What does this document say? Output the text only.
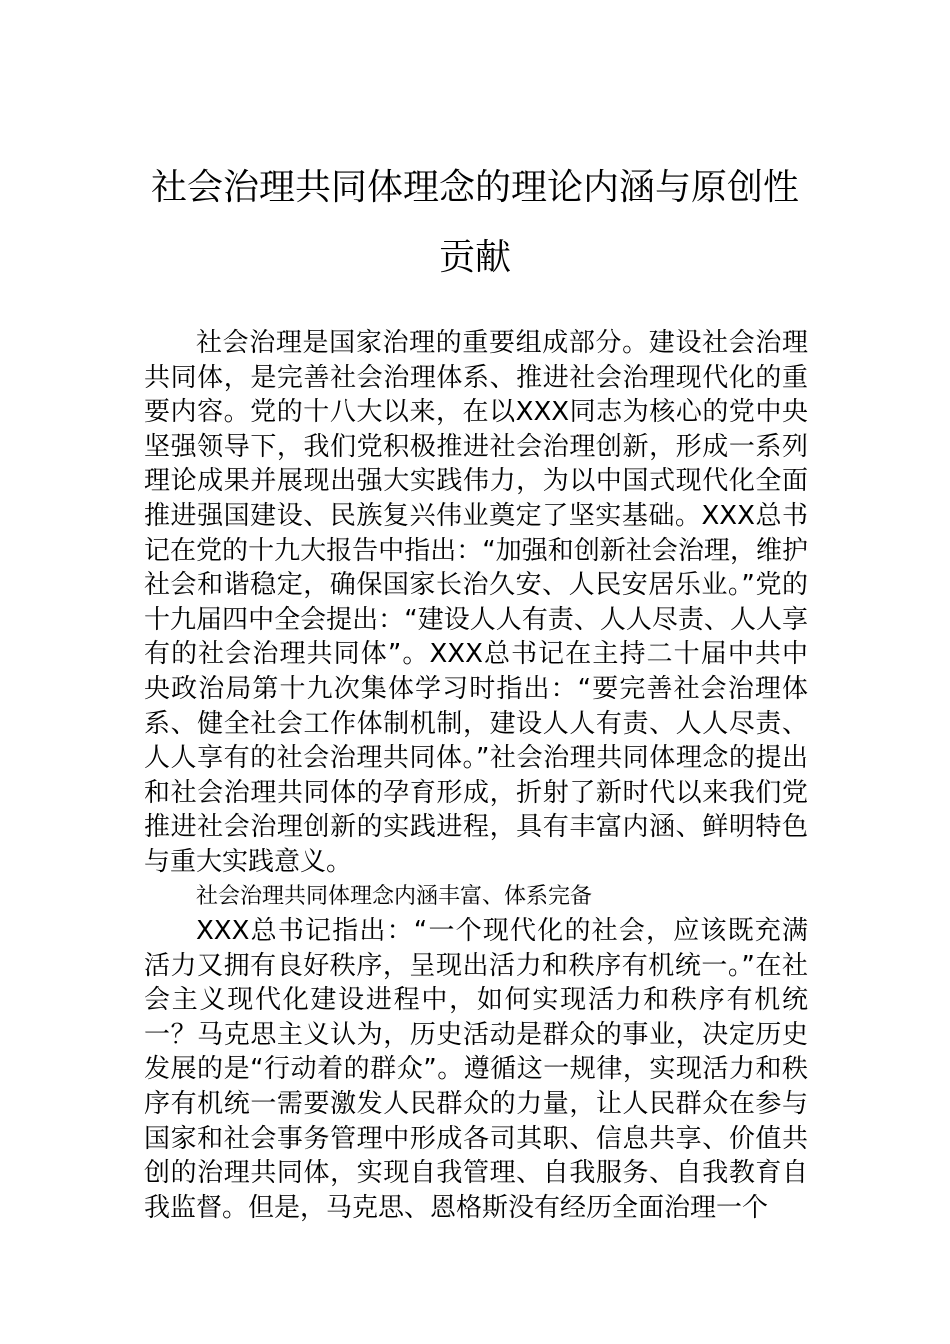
社会治理共同体理念的理论内涵与原创性
贡献

社会治理是国家治理的重要组成部分。建设社会治理共同体，是完善社会治理体系、推进社会治理现代化的重要内容。党的十八大以来，在以XXX同志为核心的党中央坚强领导下，我们党积极推进社会治理创新，形成一系列理论成果并展现出强大实践伟力，为以中国式现代化全面推进强国建设、民族复兴伟业奠定了坚实基础。XXX总书记在党的十九大报告中指出：“加强和创新社会治理，维护社会和谐稳定，确保国家长治久安、人民安居乐业。”党的十九届四中全会提出：“建设人人有责、人人尽责、人人享有的社会治理共同体”。XXX总书记在主持二十届中共中央政治局第十九次集体学习时指出：“要完善社会治理体系、健全社会工作体制机制，建设人人有责、人人尽责、人人享有的社会治理共同体。”社会治理共同体理念的提出和社会治理共同体的孕育形成，折射了新时代以来我们党推进社会治理创新的实践进程，具有丰富内涵、鲜明特色与重大实践意义。

社会治理共同体理念内涵丰富、体系完备

XXX总书记指出：“一个现代化的社会，应该既充满活力又拥有良好秩序，呈现出活力和秩序有机统一。”在社会主义现代化建设进程中，如何实现活力和秩序有机统一？马克思主义认为，历史活动是群众的事业，决定历史发展的是“行动着的群众”。遵循这一规律，实现活力和秩序有机统一需要激发人民群众的力量，让人民群众在参与国家和社会事务管理中形成各司其职、信息共享、价值共创的治理共同体，实现自我管理、自我服务、自我教育自我监督。但是，马克思、恩格斯没有经历全面治理一个
